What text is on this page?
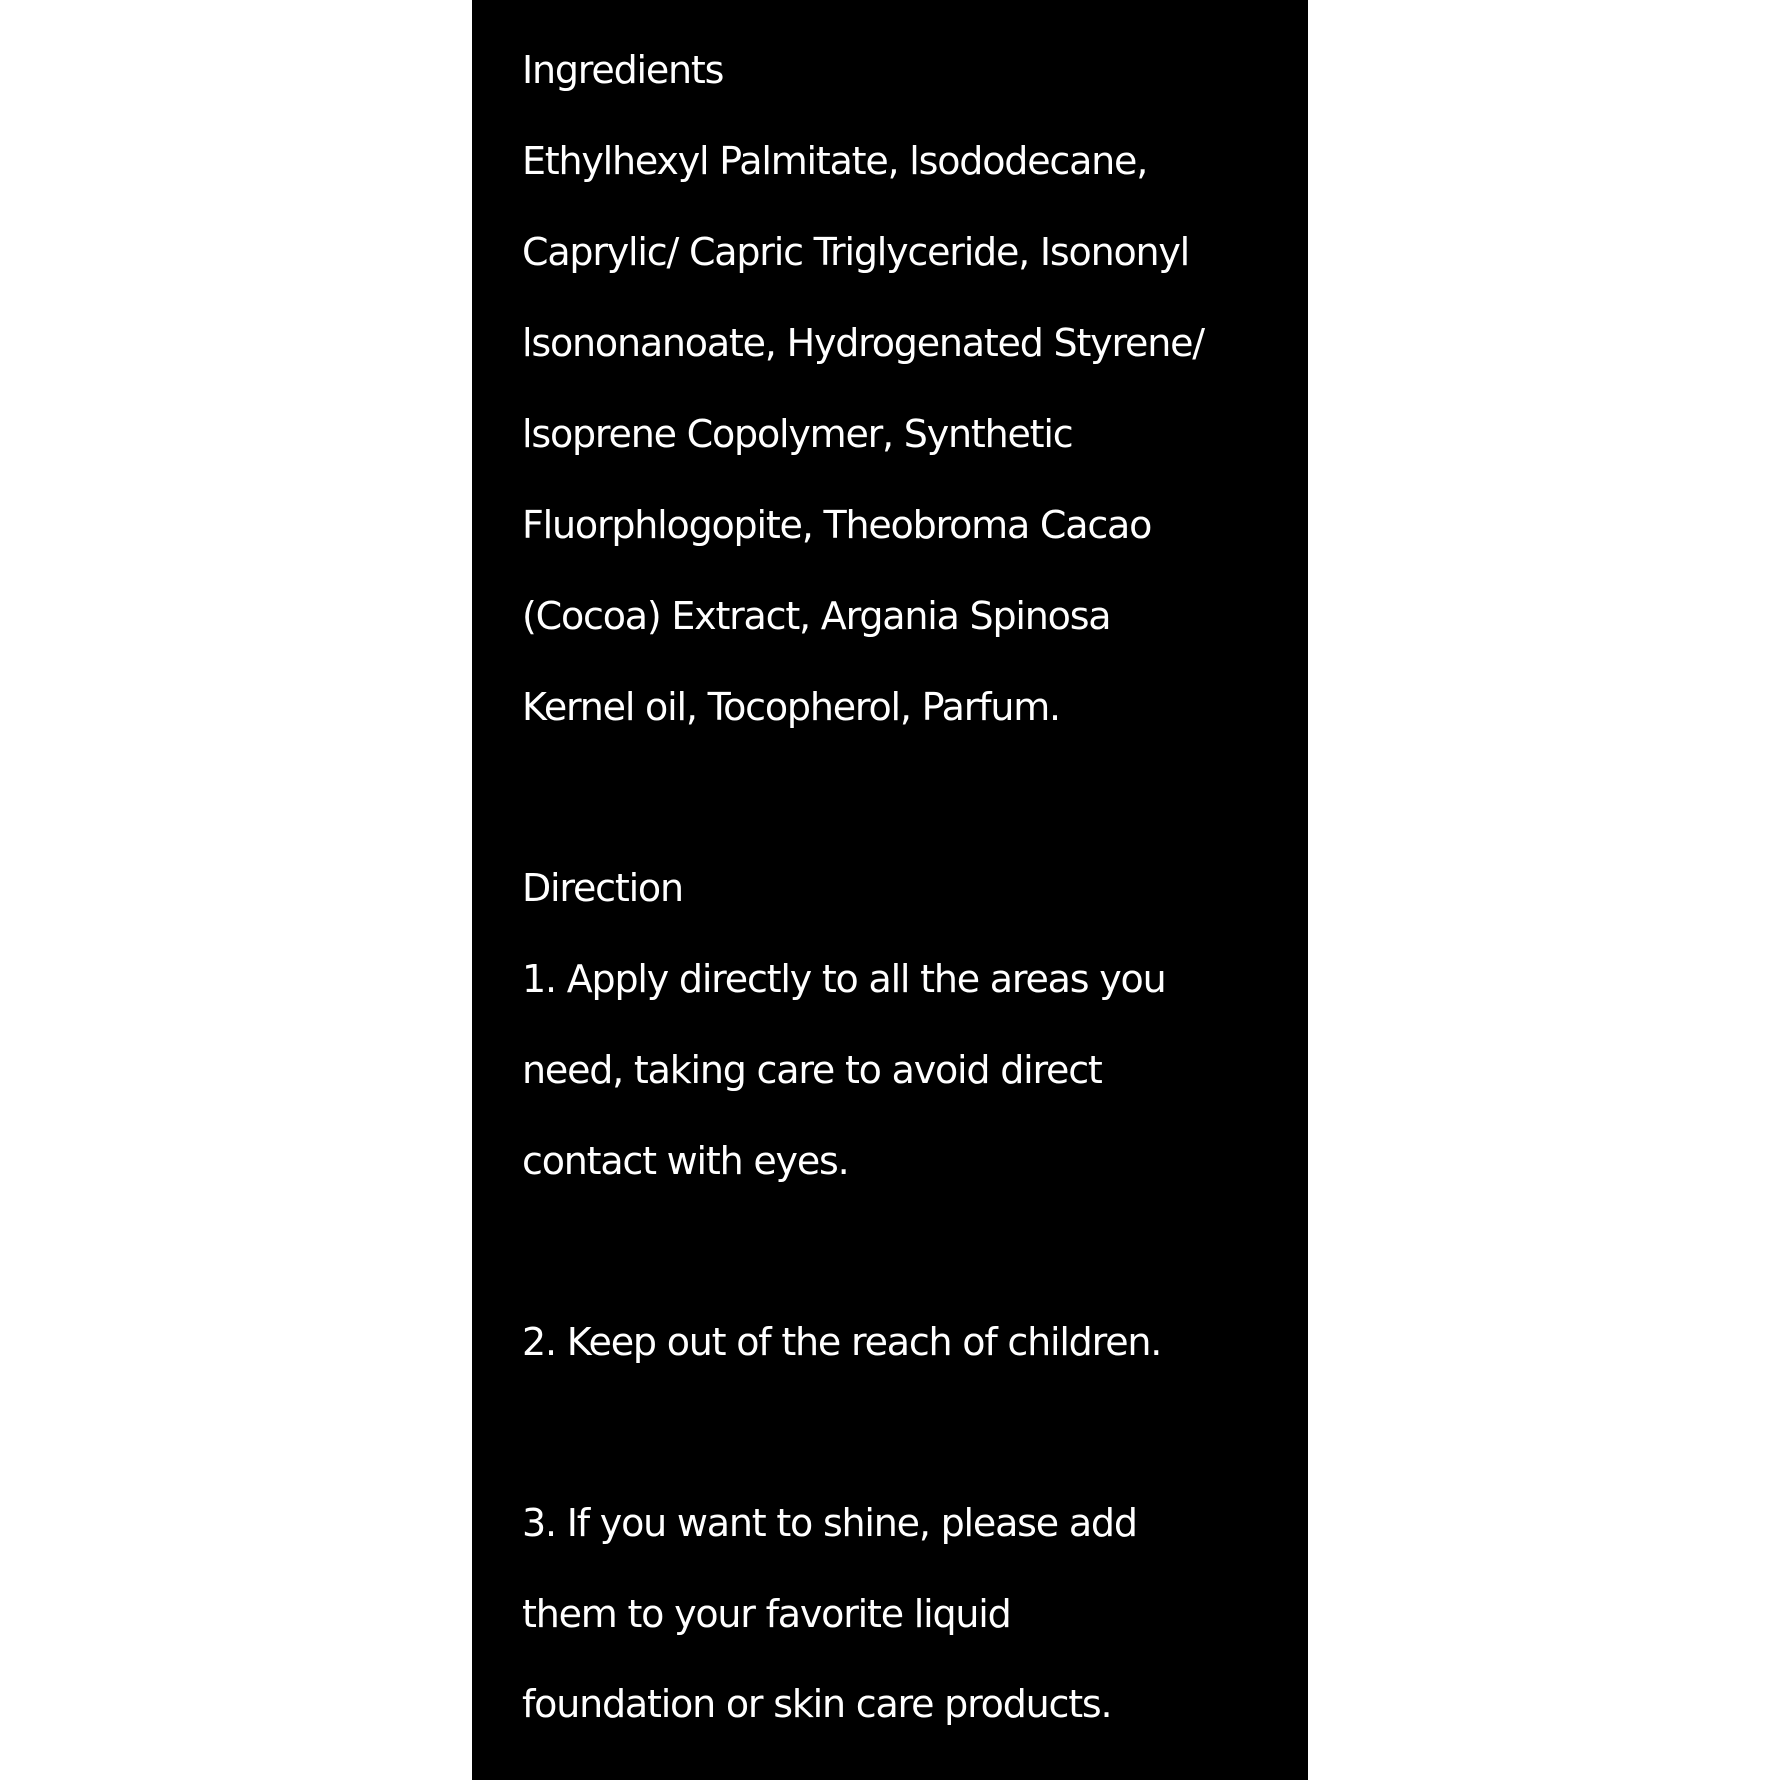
Ingredients

Ethylhexyl Palmitate, lsododecane,

Caprylic/ Capric Triglyceride, Isononyl

lsononanoate, Hydrogenated Styrene/

lsoprene Copolymer, Synthetic

Fluorphlogopite, Theobroma Cacao

(Cocoa) Extract, Argania Spinosa

Kernel oil, Tocopherol, Parfum.

Direction

1. Apply directly to all the areas you

need, taking care to avoid direct

contact with eyes.

2. Keep out of the reach of children.

3. If you want to shine, please add

them to your favorite liquid

foundation or skin care products.
